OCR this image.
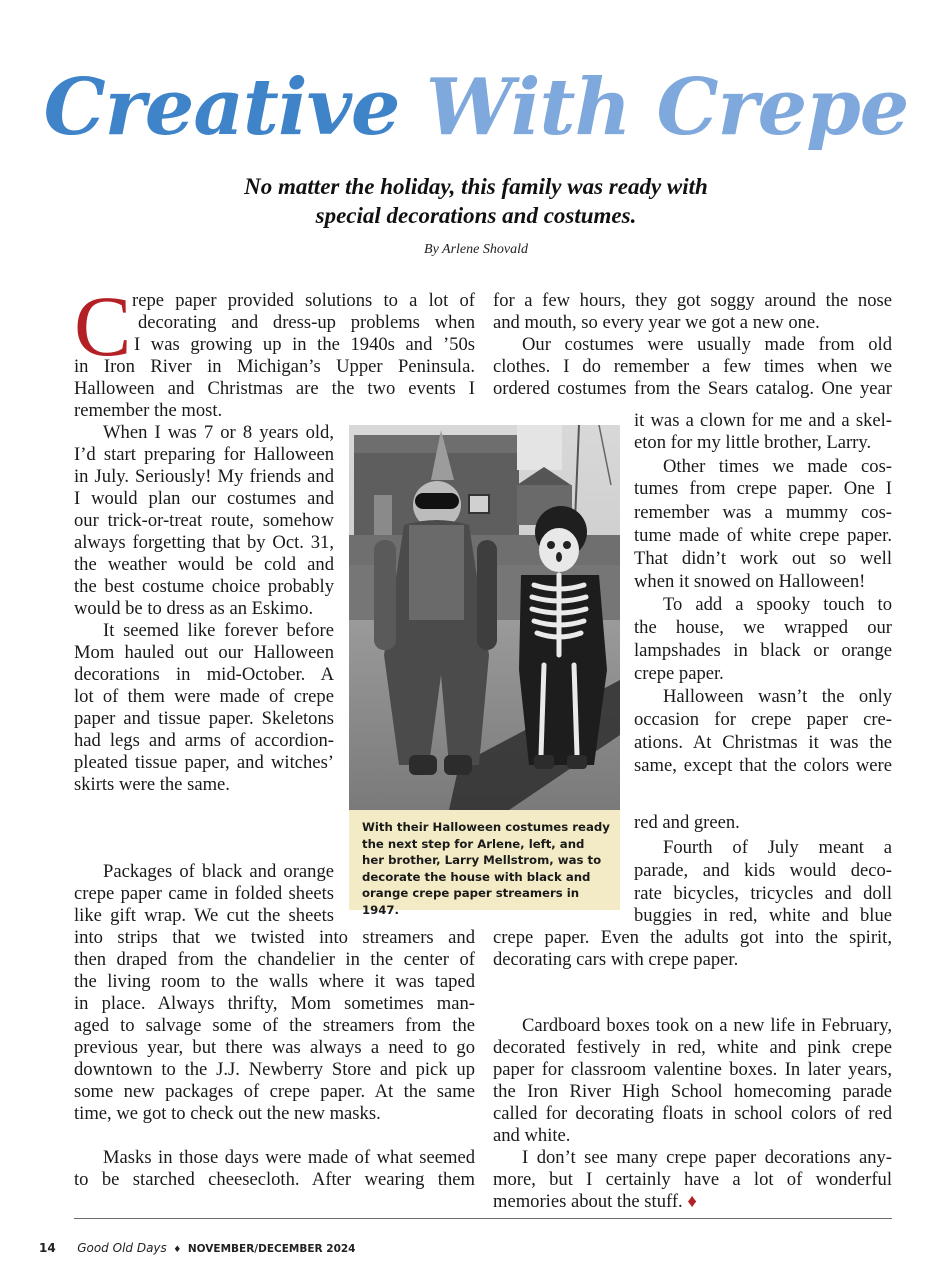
Creative With Crepe
No matter the holiday, this family was ready with
special decorations and costumes.
By Arlene Shovald
C repe paper provided solutions to a lot of
decorating and dress-up problems when
I was growing up in the 1940s and ’50s
in Iron River in Michigan’s Upper Peninsula.
Halloween and Christmas are the two events I
remember the most.
When I was 7 or 8 years old,
I’d start preparing for Halloween
in July. Seriously! My friends and
I would plan our costumes and
our trick-or-treat route, somehow
always forgetting that by Oct. 31,
the weather would be cold and
the best costume choice probably
would be to dress as an Eskimo.
It seemed like forever before
Mom hauled out our Halloween
decorations in mid-October. A
lot of them were made of crepe
paper and tissue paper. Skeletons
had legs and arms of accordion-
pleated tissue paper, and witches’
skirts were the same.
Packages of black and orange
crepe paper came in folded sheets
like gift wrap. We cut the sheets
into strips that we twisted into streamers and
then draped from the chandelier in the center of
the living room to the walls where it was taped
in place. Always thrifty, Mom sometimes man-
aged to salvage some of the streamers from the
previous year, but there was always a need to go
downtown to the J.J. Newberry Store and pick up
some new packages of crepe paper. At the same
time, we got to check out the new masks.
Masks in those days were made of what seemed
to be starched cheesecloth. After wearing them
for a few hours, they got soggy around the nose
and mouth, so every year we got a new one.
Our costumes were usually made from old
clothes. I do remember a few times when we
ordered costumes from the Sears catalog. One year
it was a clown for me and a skel-
eton for my little brother, Larry.
Other times we made cos-
tumes from crepe paper. One I
remember was a mummy cos-
tume made of white crepe paper.
That didn’t work out so well
when it snowed on Halloween!
To add a spooky touch to
the house, we wrapped our
lampshades in black or orange
crepe paper.
Halloween wasn’t the only
occasion for crepe paper cre-
ations. At Christmas it was the
same, except that the colors were
red and green.
Fourth of July meant a
parade, and kids would deco-
rate bicycles, tricycles and doll
buggies in red, white and blue
crepe paper. Even the adults got into the spirit,
decorating cars with crepe paper.
Cardboard boxes took on a new life in February,
decorated festively in red, white and pink crepe
paper for classroom valentine boxes. In later years,
the Iron River High School homecoming parade
called for decorating floats in school colors of red
and white.
I don’t see many crepe paper decorations any-
more, but I certainly have a lot of wonderful
memories about the stuff. ♦
With their Halloween costumes ready
the next step for Arlene, left, and
her brother, Larry Mellstrom, was to
decorate the house with black and
orange crepe paper streamers in 1947.
14 Good Old Days ♦ NOVEMBER/DECEMBER 2024
